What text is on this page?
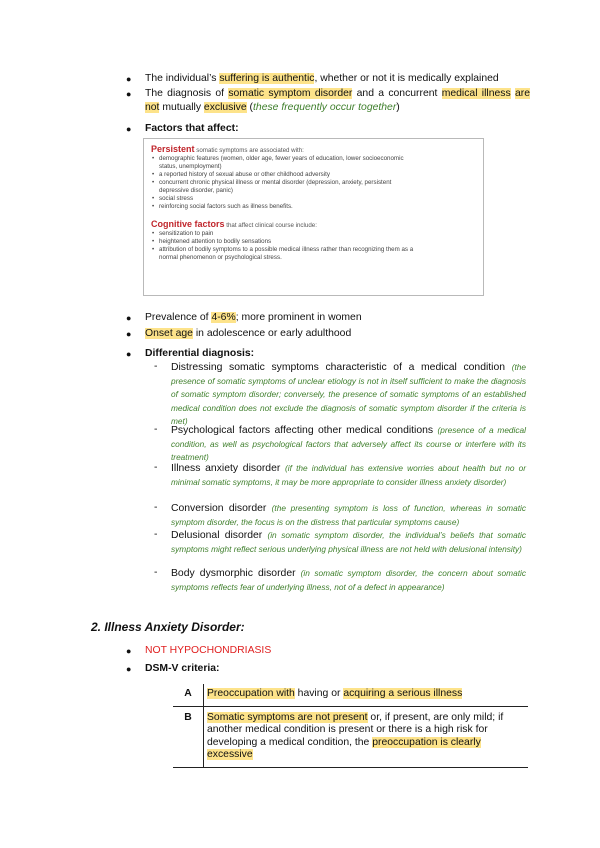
● The individual’s suffering is authentic, whether or not it is medically explained
● The diagnosis of somatic symptom disorder and a concurrent medical illness are not mutually exclusive (these frequently occur together)
● Factors that affect:
Persistent somatic symptoms are associated with:
• demographic features (women, older age, fewer years of education, lower socioeconomic
status, unemployment)
• a reported history of sexual abuse or other childhood adversity
• concurrent chronic physical illness or mental disorder (depression, anxiety, persistent
depressive disorder, panic)
• social stress
• reinforcing social factors such as illness benefits.
Cognitive factors that affect clinical course include:
• sensitization to pain
• heightened attention to bodily sensations
• attribution of bodily symptoms to a possible medical illness rather than recognizing them as a
normal phenomenon or psychological stress.
● Prevalence of 4-6%; more prominent in women
● Onset age in adolescence or early adulthood
● Differential diagnosis:
- Distressing somatic symptoms characteristic of a medical condition (the presence of somatic symptoms of unclear etiology is not in itself sufficient to make the diagnosis of somatic symptom disorder; conversely, the presence of somatic symptoms of an established medical condition does not exclude the diagnosis of somatic symptom disorder if the criteria is met)
- Psychological factors affecting other medical conditions (presence of a medical condition, as well as psychological factors that adversely affect its course or interfere with its treatment)
- Illness anxiety disorder (if the individual has extensive worries about health but no or minimal somatic symptoms, it may be more appropriate to consider illness anxiety disorder)
- Conversion disorder (the presenting symptom is loss of function, whereas in somatic symptom disorder, the focus is on the distress that particular symptoms cause)
- Delusional disorder (in somatic symptom disorder, the individual’s beliefs that somatic symptoms might reflect serious underlying physical illness are not held with delusional intensity)
- Body dysmorphic disorder (in somatic symptom disorder, the concern about somatic symptoms reflects fear of underlying illness, not of a defect in appearance)
2. Illness Anxiety Disorder:
● NOT HYPOCHONDRIASIS
● DSM-V criteria:
A	Preoccupation with having or acquiring a serious illness
B	Somatic symptoms are not present or, if present, are only mild; if another medical condition is present or there is a high risk for developing a medical condition, the preoccupation is clearly excessive
